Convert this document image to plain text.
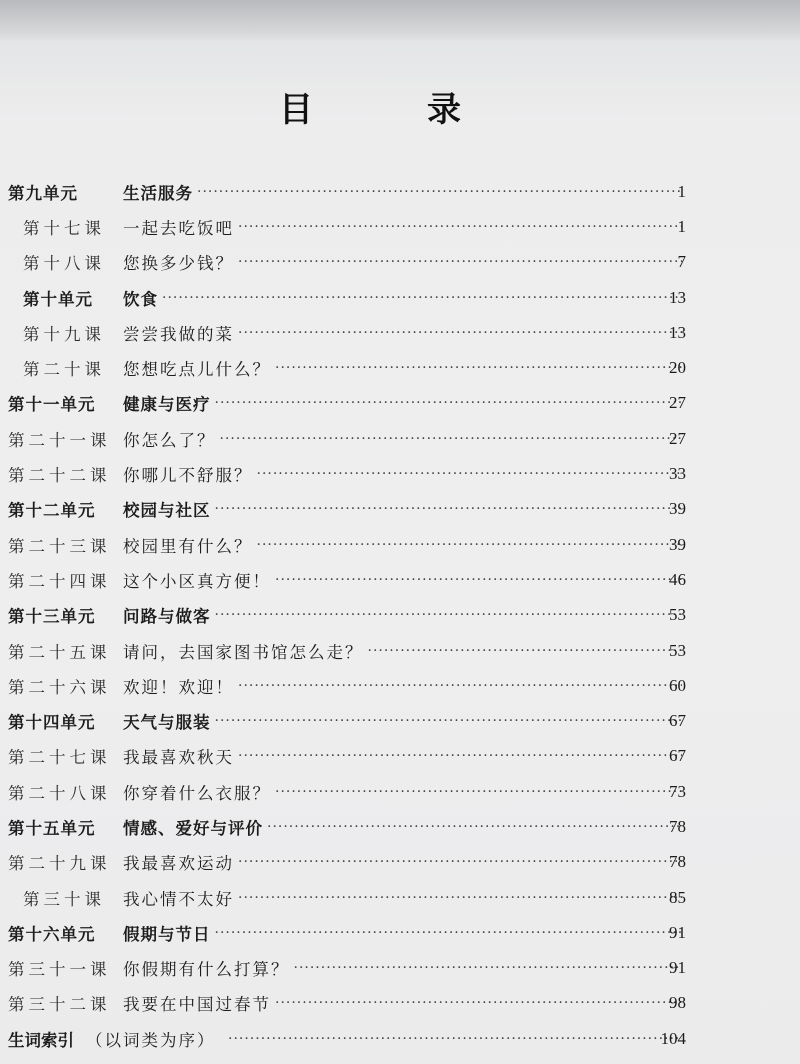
目　录
第九单元	生活服务 ·····	1
第十七课	一起去吃饭吧 ·····	1
第十八课	您换多少钱？ ·····	7
第十单元	饮食 ·····	13
第十九课	尝尝我做的菜 ·····	13
第二十课	您想吃点儿什么？ ·····	20
第十一单元	健康与医疗 ·····	27
第二十一课 你怎么了？ ·····	27
第二十二课 你哪儿不舒服？ ·····	33
第十二单元	校园与社区 ·····	39
第二十三课 校园里有什么？ ·····	39
第二十四课 这个小区真方便！ ·····	46
第十三单元	问路与做客 ·····	53
第二十五课 请问，去国家图书馆怎么走？ ·····	53
第二十六课 欢迎！欢迎！ ·····	60
第十四单元	天气与服装 ·····	67
第二十七课 我最喜欢秋天 ·····	67
第二十八课 你穿着什么衣服？ ·····	73
第十五单元	情感、爱好与评价 ·····	78
第二十九课 我最喜欢运动 ·····	78
第三十课	我心情不太好 ·····	85
第十六单元	假期与节日 ·····	91
第三十一课 你假期有什么打算？ ·····	91
第三十二课 我要在中国过春节 ·····	98
生词索引 （以词类为序） ·····	104
